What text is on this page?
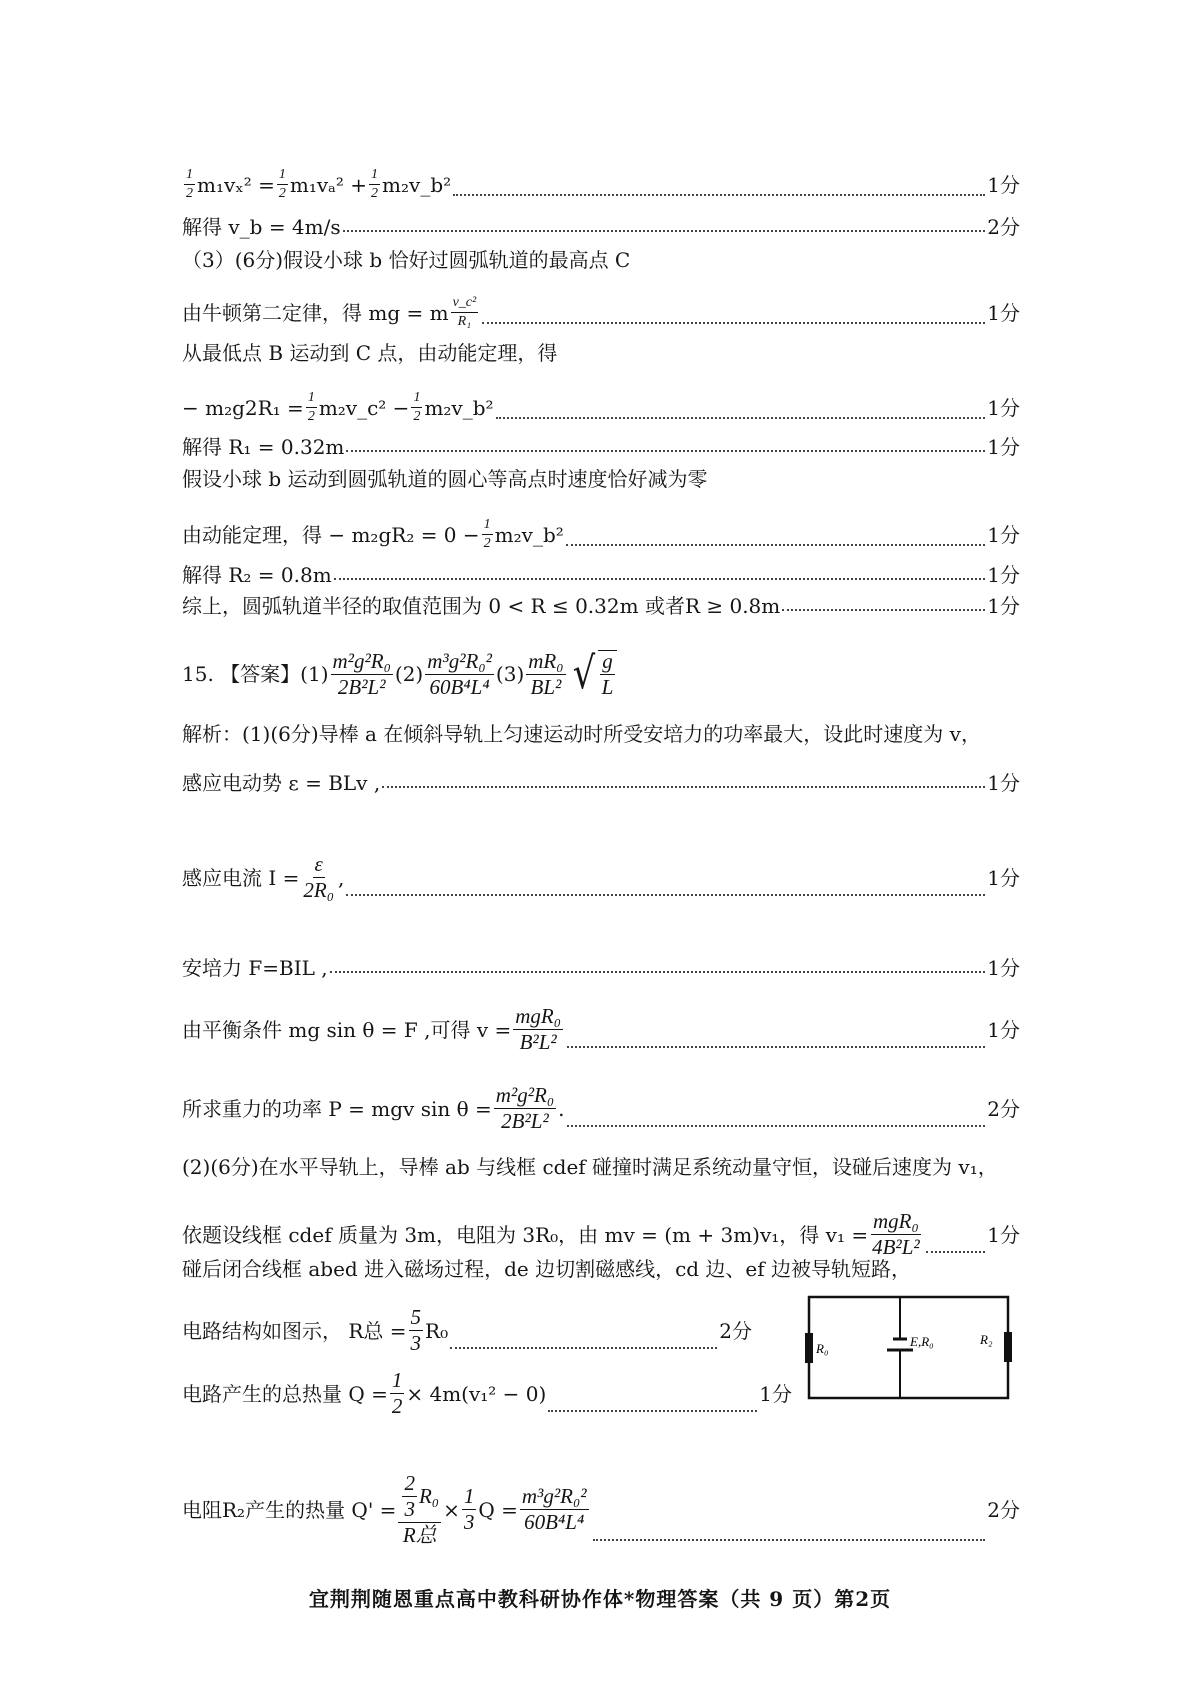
$\frac{1}{2} m_1v_x^2 = \frac{1}{2} m_1v_a^2 + \frac{1}{2}$ m₂v_b²	1分
解得 v_b = 4m/s	2分
（3）(6分)假设小球 b 恰好过圆弧轨道的最高点 C
由牛顿第二定律，得 mg = m $\frac{\text{v\_c²}}{\text{R₁}}$	1分
从最低点 B 运动到 C 点，由动能定理，得
− $m_2g2R_1 = \frac{1}{2}$ m₂v_c² − $\frac{1}{2}$ m₂v_b²	1分
解得 R₁ = 0.32m	1分
假设小球 b 运动到圆弧轨道的圆心等高点时速度恰好减为零
由动能定理，得 − $m_2gR_2 = 0 - \frac{1}{2}$ m₂v_b²	1分
解得 R₂ = 0.8m	1分
综上，圆弧轨道半径的取值范围为 0 < R ≤ 0.32m 或者R ≥ 0.8m	1分
15. 【答案】$(1) \frac{\text{m²g²R₀}}{\text{2B²L²}} (2) \frac{\text{m³g²R₀²}}{\text{60B⁴L⁴}} (3) \frac{\text{mR₀}}{\text{BL²}}$ √ $\frac{g}{L}$
解析：(1)(6分)导棒 a 在倾斜导轨上匀速运动时所受安培力的功率最大，设此时速度为 v，
感应电动势 ε = BLv ,	1分
感应电流 $I = \frac{\varepsilon}{\text{2R₀}}$ ,	1分
安培力 F=BIL ,	1分
由平衡条件 mg sin θ = F ,可得 $v = \frac{\text{mgR₀}}{\text{B²L²}}$	1分
所求重力的功率 P = mgv $\sin \theta = \frac{\text{m²g²R₀}}{\text{2B²L²}}$ .	2分
(2)(6分)在水平导轨上，导棒 ab 与线框 cdef 碰撞时满足系统动量守恒，设碰后速度为 v₁，
依题设线框 cdef 质量为 3m，电阻为 3R₀，由 mv = (m + 3m)v₁，得 $v_1 = \frac{\text{mgR₀}}{\text{4B²L²}}$	1分
碰后闭合线框 abed 进入磁场过程，de 边切割磁感线，cd 边、ef 边被导轨短路，
电路结构如图示， R总 = $\frac{5}{3} R_0$	2分
电路产生的总热量 $Q = \frac{1}{2} \times 4m(v_1^2 - 0)$	1分
电阻R₂产生的热量 $Q' = \frac{\frac{2}{3} R_0}{\text{R总}} \times \frac{1}{3}$ $Q = \frac{\text{m³g²R₀²}}{\text{60B⁴L⁴}}$	2分
R₀	E,R₀	R₂
宜荆荆随恩重点高中教科研协作体*物理答案（共 9 页）第2页
